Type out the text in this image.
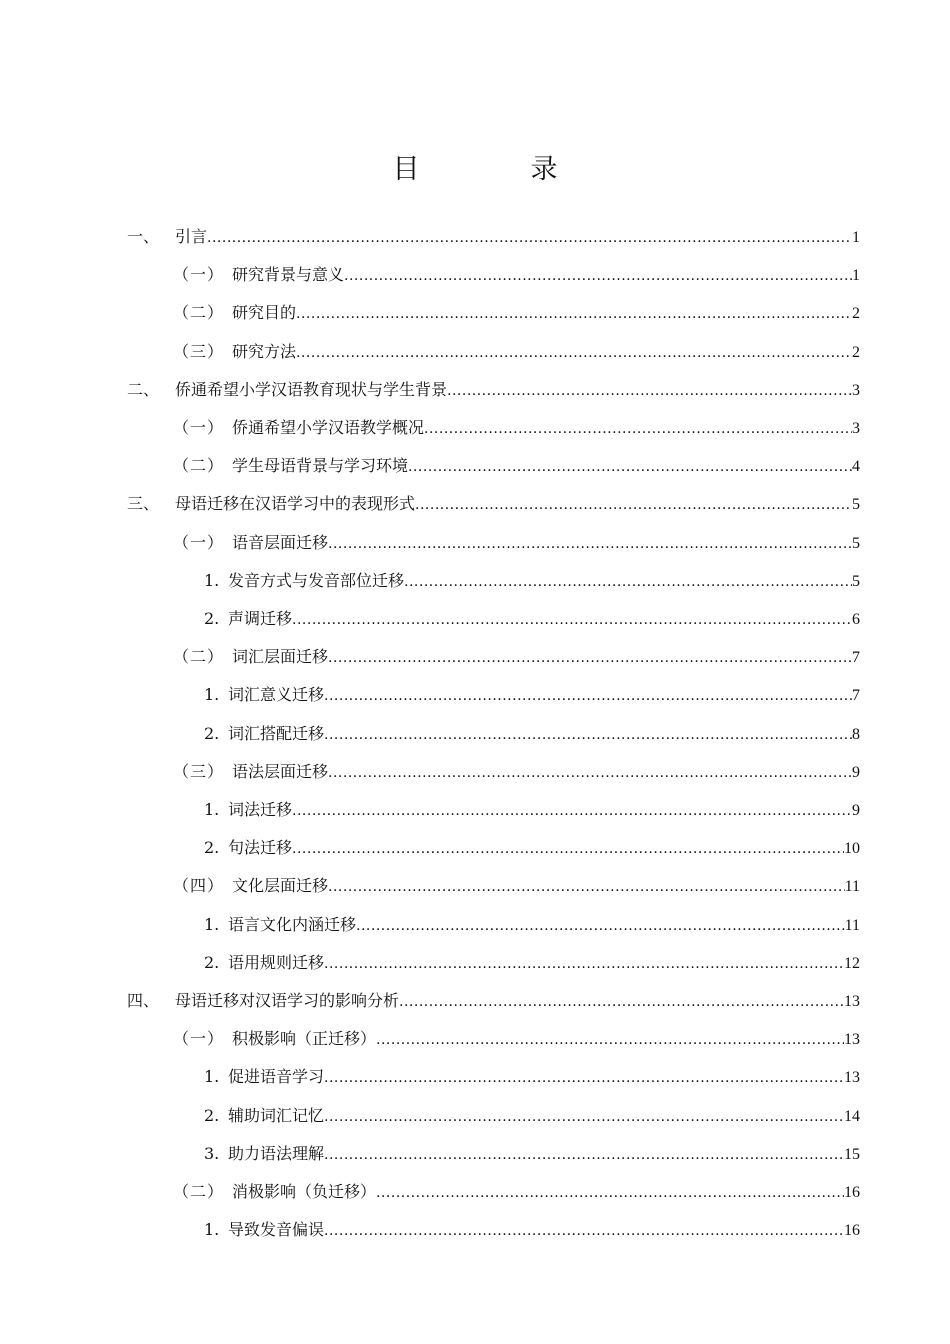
目　录
一、 引言 .....	1
（一） 研究背景与意义 .....	1
（二） 研究目的 .....	2
（三） 研究方法 .....	2
二、 侨通希望小学汉语教育现状与学生背景 .....	3
（一） 侨通希望小学汉语教学概况 .....	3
（二） 学生母语背景与学习环境 .....	4
三、 母语迁移在汉语学习中的表现形式 .....	5
（一） 语音层面迁移 .....	5
1. 发音方式与发音部位迁移 .....	5
2. 声调迁移 .....	6
（二） 词汇层面迁移 .....	7
1. 词汇意义迁移 .....	7
2. 词汇搭配迁移 .....	8
（三） 语法层面迁移 .....	9
1. 词法迁移 .....	9
2. 句法迁移 .....	10
（四） 文化层面迁移 .....	11
1. 语言文化内涵迁移 .....	11
2. 语用规则迁移 .....	12
四、 母语迁移对汉语学习的影响分析 .....	13
（一） 积极影响（正迁移） .....	13
1. 促进语音学习 .....	13
2. 辅助词汇记忆 .....	14
3. 助力语法理解 .....	15
（二） 消极影响（负迁移） .....	16
1. 导致发音偏误 .....	16
